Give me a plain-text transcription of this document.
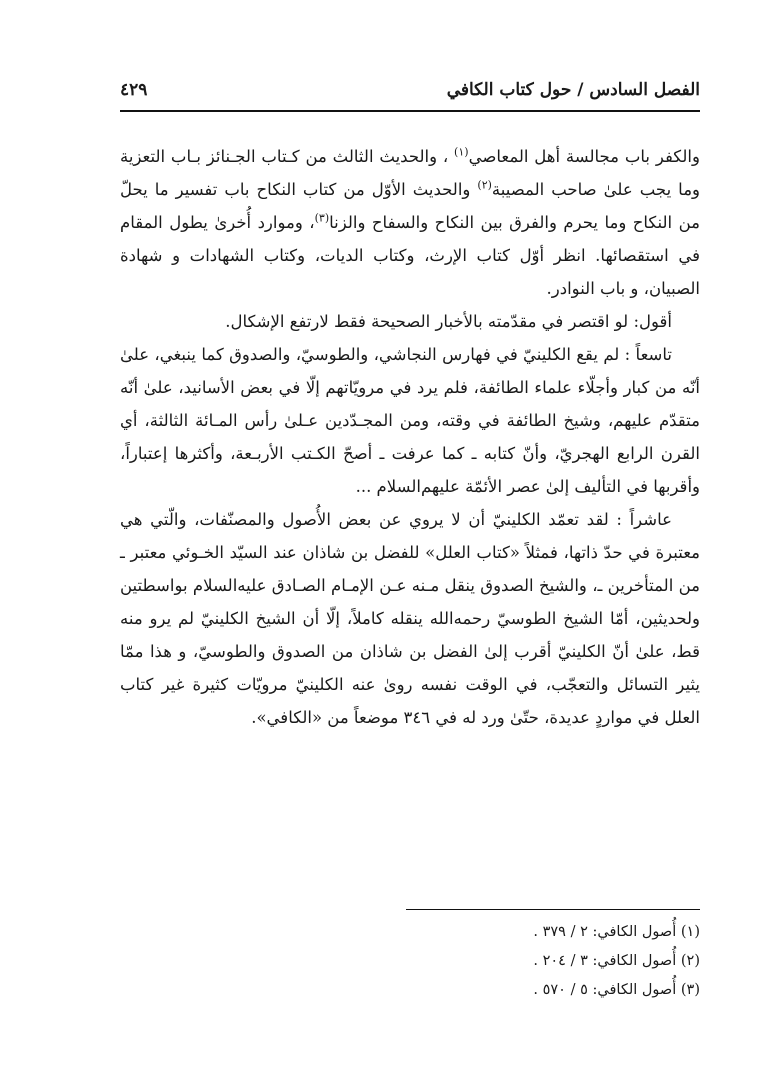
الفصل السادس / حول كتاب الكافي
٤٢٩

والكفر باب مجالسة أهل المعاصي$^{(١)}$ ، والحديث الثالث من كـتاب الجـنائز بـاب التعزية وما يجب علىٰ صاحب المصيبة$^{(٢)}$ والحديث الأوّل من كتاب النكاح باب تفسير ما يحلّ من النكاح وما يحرم والفرق بين النكاح والسفاح والزنا$^{(٣)}$، وموارد أُخرىٰ يطول المقام في استقصائها. انظر أوّل كتاب الإرث، وكتاب الديات، وكتاب الشهادات و شهادة الصبيان، و باب النوادر.

أقول: لو اقتصر في مقدّمته بالأخبار الصحيحة فقط لارتفع الإشكال.

تاسعاً : لم يقع الكلينيّ في فهارس النجاشي، والطوسيّ، والصدوق كما ينبغي، علىٰ أنّه من كبار وأجلّاء علماء الطائفة، فلم يرد في مرويّاتهم إلّا في بعض الأسانيد، علىٰ أنّه متقدّم عليهم، وشيخ الطائفة في وقته، ومن المجـدّدين عـلىٰ رأس المـائة الثالثة، أي القرن الرابع الهجريّ، وأنّ كتابه ـ كما عرفت ـ أصحّ الكـتب الأربـعة، وأكثرها إعتباراً، وأقربها في التأليف إلىٰ عصر الأئمّة عليهم‌السلام ...

عاشراً : لقد تعمّد الكلينيّ أن لا يروي عن بعض الأُصول والمصنّفات، والّتي هي معتبرة في حدّ ذاتها، فمثلاً «كتاب العلل» للفضل بن شاذان عند السيّد الخـوئي معتبر ـ من المتأخرين ـ، والشيخ الصدوق ينقل مـنه عـن الإمـام الصـادق عليه‌السلام بواسطتين ولحديثين، أمّا الشيخ الطوسيّ رحمه‌الله ينقله كاملاً، إلّا أن الشيخ الكلينيّ لم يرو منه قط، علىٰ أنّ الكلينيّ أقرب إلىٰ الفضل بن شاذان من الصدوق والطوسيّ، و هذا ممّا يثير التسائل والتعجّب، في الوقت نفسه روىٰ عنه الكلينيّ مرويّات كثيرة غير كتاب العلل في مواردٍ عديدة، حتّىٰ ورد له في ٣٤٦ موضعاً من «الكافي».

(١) أُصول الكافي: ٢ / ٣٧٩ .
(٢) أُصول الكافي: ٣ / ٢٠٤ .
(٣) أُصول الكافي: ٥ / ٥٧٠ .
